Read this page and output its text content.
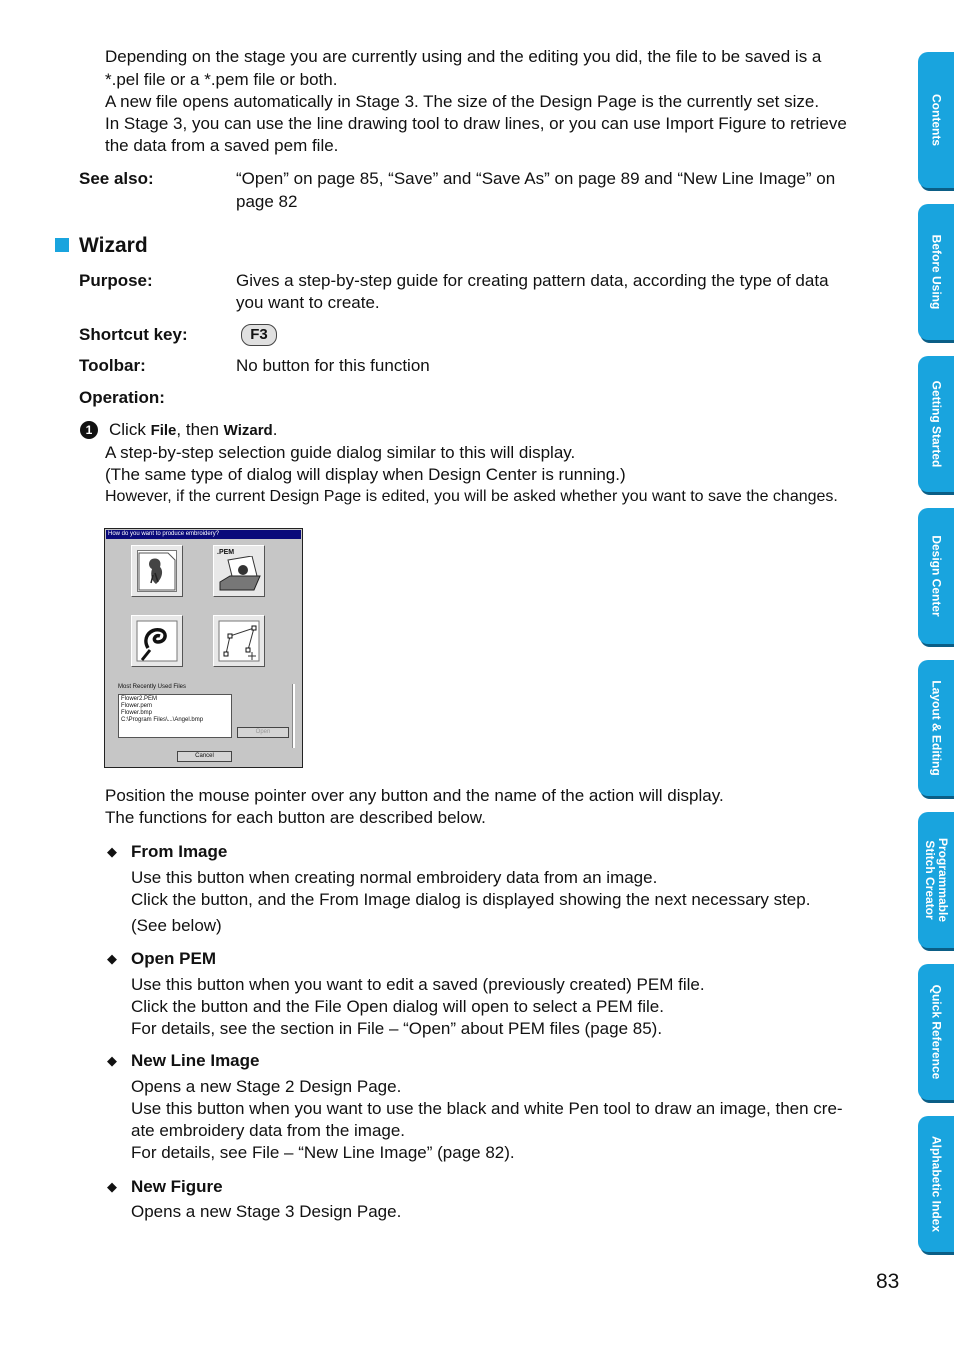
Depending on the stage you are currently using and the editing you did, the file to be saved is a
*.pel file or a *.pem file or both.
A new file opens automatically in Stage 3. The size of the Design Page is the currently set size.
In Stage 3, you can use the line drawing tool to draw lines, or you can use Import Figure to retrieve
the data from a saved pem file.
See also:	“Open” on page 85, “Save” and “Save As” on page 89 and “New Line Image” on
page 82
Wizard
Purpose:	Gives a step-by-step guide for creating pattern data, according the type of data
you want to create.
Shortcut key:	F3
Toolbar:	No button for this function
Operation:
1 Click File, then Wizard.
A step-by-step selection guide dialog similar to this will display.
(The same type of dialog will display when Design Center is running.)
However, if the current Design Page is edited, you will be asked whether you want to save the changes.
How do you want to produce embroidery?
.PEM
Most Recently Used Files
Flower2.PEM
Flower.pem
Flower.bmp
C:\Program Files\...\Angel.bmp
Open
Cancel
Position the mouse pointer over any button and the name of the action will display.
The functions for each button are described below.
◆ From Image
Use this button when creating normal embroidery data from an image.
Click the button, and the From Image dialog is displayed showing the next necessary step.
(See below)
◆ Open PEM
Use this button when you want to edit a saved (previously created) PEM file.
Click the button and the File Open dialog will open to select a PEM file.
For details, see the section in File – “Open” about PEM files (page 85).
◆ New Line Image
Opens a new Stage 2 Design Page.
Use this button when you want to use the black and white Pen tool to draw an image, then cre-
ate embroidery data from the image.
For details, see File – “New Line Image” (page 82).
◆ New Figure
Opens a new Stage 3 Design Page.
83
Contents
Before Using
Getting Started
Design Center
Layout & Editing
Programmable
Stitch Creator
Quick Reference
Alphabetic Index
